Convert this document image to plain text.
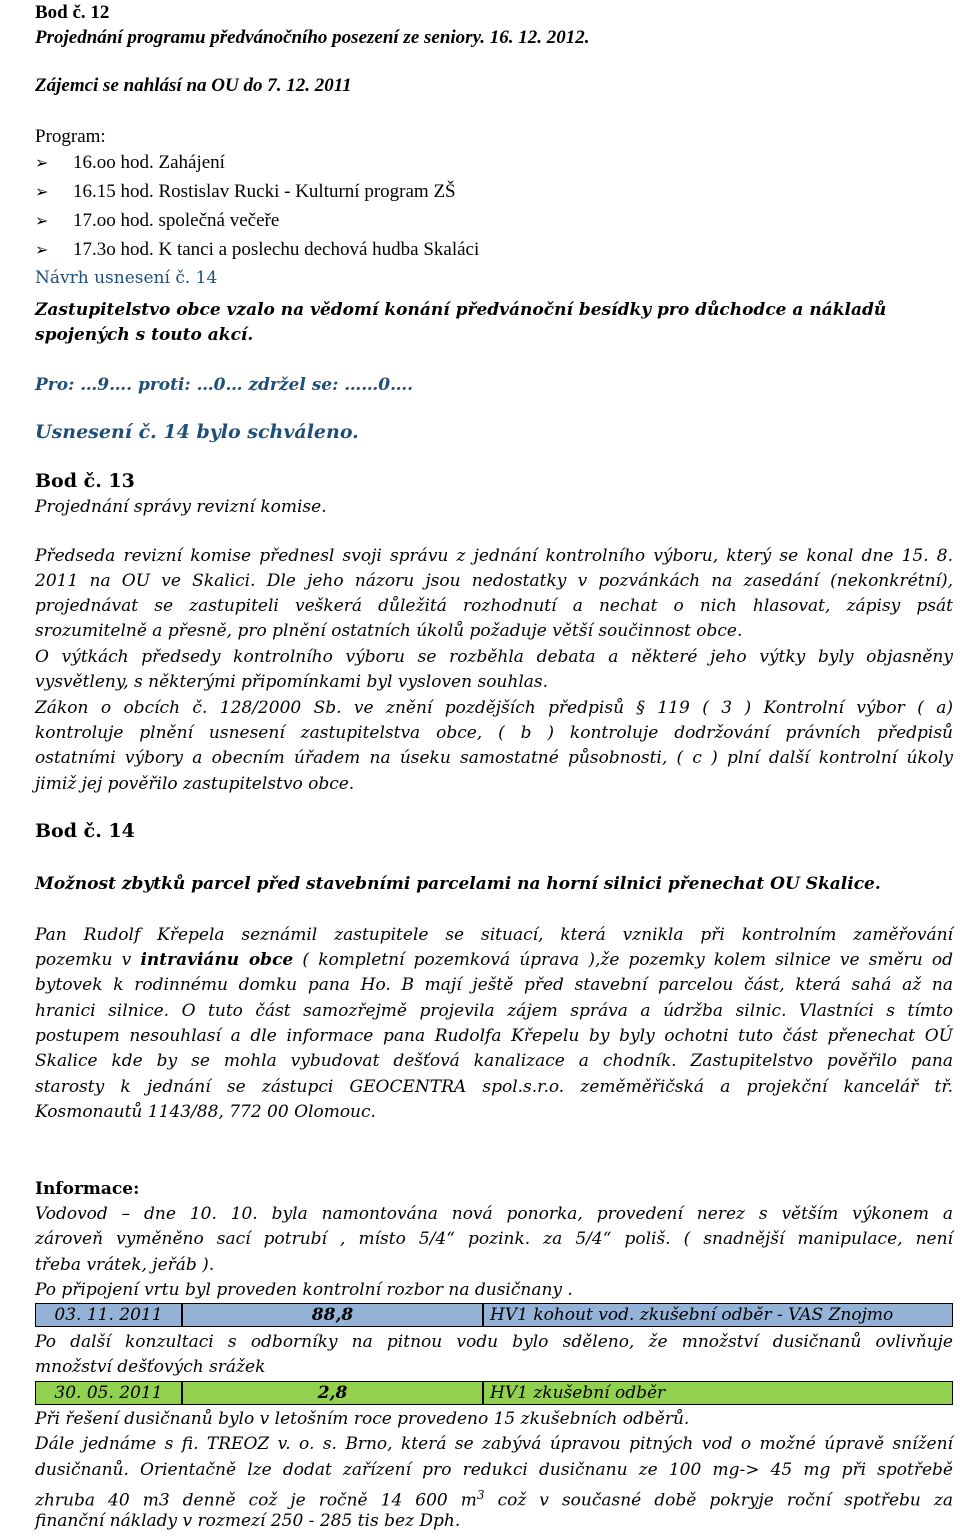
Bod č. 12
Projednání programu předvánočního posezení ze seniory. 16. 12. 2012.
Zájemci se nahlásí na OU do 7. 12. 2011
Program:
➢ 16.oo hod. Zahájení
➢ 16.15 hod. Rostislav Rucki - Kulturní program ZŠ
➢ 17.oo hod. společná večeře
➢ 17.3o hod. K tanci a poslechu dechová hudba Skaláci
Návrh usnesení č. 14
Zastupitelstvo obce vzalo na vědomí konání předvánoční besídky pro důchodce a nákladů
spojených s touto akcí.
Pro: …9…. proti: …0… zdržel se: ……0….
Usnesení č. 14 bylo schváleno.
Bod č. 13
Projednání správy revizní komise.
Předseda revizní komise přednesl svoji správu z jednání kontrolního výboru, který se konal dne 15. 8.
2011 na OU ve Skalici. Dle jeho názoru jsou nedostatky v pozvánkách na zasedání (nekonkrétní),
projednávat se zastupiteli veškerá důležitá rozhodnutí a nechat o nich hlasovat, zápisy psát
srozumitelně a přesně, pro plnění ostatních úkolů požaduje větší součinnost obce.
O výtkách předsedy kontrolního výboru se rozběhla debata a některé jeho výtky byly objasněny
vysvětleny, s některými připomínkami byl vysloven souhlas.
Zákon o obcích č. 128/2000 Sb. ve znění pozdějších předpisů § 119 ( 3 ) Kontrolní výbor ( a)
kontroluje plnění usnesení zastupitelstva obce, ( b ) kontroluje dodržování právních předpisů
ostatními výbory a obecním úřadem na úseku samostatné působnosti, ( c ) plní další kontrolní úkoly
jimiž jej pověřilo zastupitelstvo obce.
Bod č. 14
Možnost zbytků parcel před stavebními parcelami na horní silnici přenechat OU Skalice.
Pan Rudolf Křepela seznámil zastupitele se situací, která vznikla při kontrolním zaměřování
pozemku v intraviánu obce ( kompletní pozemková úprava ),že pozemky kolem silnice ve směru od
bytovek k rodinnému domku pana Ho. B mají ještě před stavební parcelou část, která sahá až na
hranici silnice. O tuto část samozřejmě projevila zájem správa a údržba silnic. Vlastníci s tímto
postupem nesouhlasí a dle informace pana Rudolfa Křepelu by byly ochotni tuto část přenechat OÚ
Skalice kde by se mohla vybudovat dešťová kanalizace a chodník. Zastupitelstvo pověřilo pana
starosty k jednání se zástupci GEOCENTRA spol.s.r.o. zeměměřičská a projekční kancelář tř.
Kosmonautů 1143/88, 772 00 Olomouc.
Informace:
Vodovod – dne 10. 10. byla namontována nová ponorka, provedení nerez s větším výkonem a
zároveň vyměněno sací potrubí , místo 5/4“ pozink. za 5/4“ poliš. ( snadnější manipulace, není
třeba vrátek, jeřáb ).
Po připojení vrtu byl proveden kontrolní rozbor na dusičnany .
03. 11. 2011	88,8	HV1 kohout vod. zkušební odběr - VAS Znojmo
Po další konzultaci s odborníky na pitnou vodu bylo sděleno, že množství dusičnanů ovlivňuje
množství dešťových srážek
30. 05. 2011	2,8	HV1 zkušební odběr
Při řešení dusičnanů bylo v letošním roce provedeno 15 zkušebních odběrů.
Dále jednáme s fi. TREOZ v. o. s. Brno, která se zabývá úpravou pitných vod o možné úpravě snížení
dusičnanů. Orientačně lze dodat zařízení pro redukci dusičnanu ze 100 mg-> 45 mg při spotřebě
zhruba 40 m3 denně což je ročně 14 600 $m^3$ což v současné době pokryje roční spotřebu za
finanční náklady v rozmezí 250 - 285 tis bez Dph.
